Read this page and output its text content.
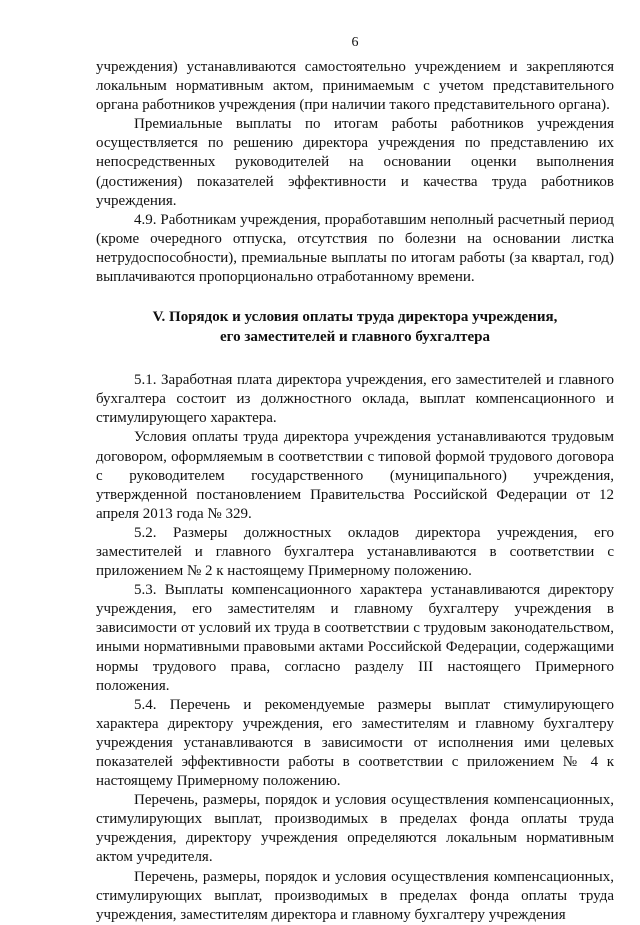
6

учреждения) устанавливаются самостоятельно учреждением и закрепляются локальным нормативным актом, принимаемым с учетом представительного органа работников учреждения (при наличии такого представительного органа).

Премиальные выплаты по итогам работы работников учреждения осуществляется по решению директора учреждения по представлению их непосредственных руководителей на основании оценки выполнения (достижения) показателей эффективности и качества труда работников учреждения.

4.9. Работникам учреждения, проработавшим неполный расчетный период (кроме очередного отпуска, отсутствия по болезни на основании листка нетрудоспособности), премиальные выплаты по итогам работы (за квартал, год) выплачиваются пропорционально отработанному времени.

V. Порядок и условия оплаты труда директора учреждения,
его заместителей и главного бухгалтера

5.1. Заработная плата директора учреждения, его заместителей и главного бухгалтера состоит из должностного оклада, выплат компенсационного и стимулирующего характера.

Условия оплаты труда директора учреждения устанавливаются трудовым договором, оформляемым в соответствии с типовой формой трудового договора с руководителем государственного (муниципального) учреждения, утвержденной постановлением Правительства Российской Федерации от 12 апреля 2013 года № 329.

5.2. Размеры должностных окладов директора учреждения, его заместителей и главного бухгалтера устанавливаются в соответствии с приложением № 2 к настоящему Примерному положению.

5.3. Выплаты компенсационного характера устанавливаются директору учреждения, его заместителям и главному бухгалтеру учреждения в зависимости от условий их труда в соответствии с трудовым законодательством, иными нормативными правовыми актами Российской Федерации, содержащими нормы трудового права, согласно разделу III настоящего Примерного положения.

5.4. Перечень и рекомендуемые размеры выплат стимулирующего характера директору учреждения, его заместителям и главному бухгалтеру учреждения устанавливаются в зависимости от исполнения ими целевых показателей эффективности работы в соответствии с приложением № 4 к настоящему Примерному положению.

Перечень, размеры, порядок и условия осуществления компенсационных, стимулирующих выплат, производимых в пределах фонда оплаты труда учреждения, директору учреждения определяются локальным нормативным актом учредителя.

Перечень, размеры, порядок и условия осуществления компенсационных, стимулирующих выплат, производимых в пределах фонда оплаты труда учреждения, заместителям директора и главному бухгалтеру учреждения
